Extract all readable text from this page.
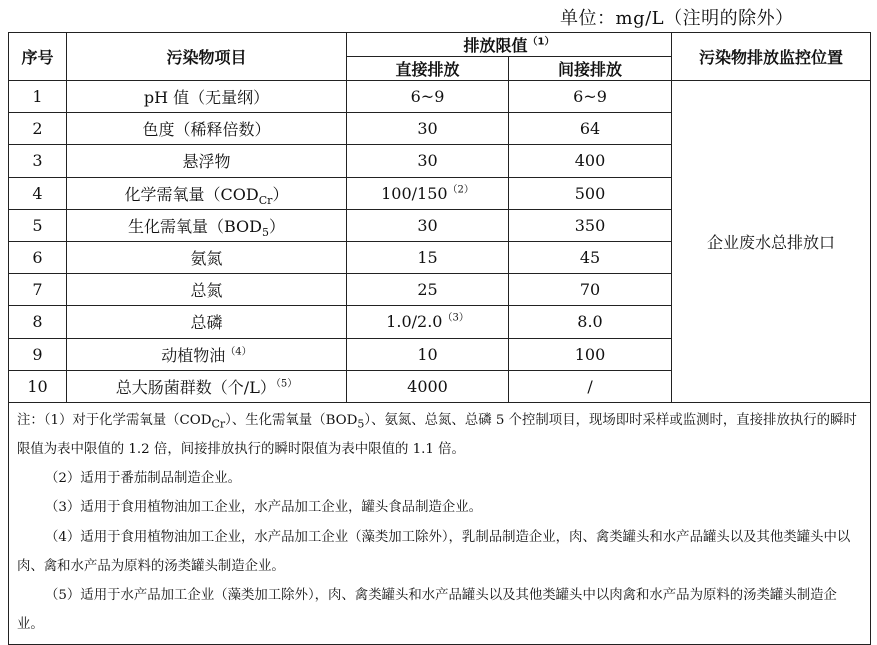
单位：mg/L（注明的除外）
序号	污染物项目	排放限值$^{(1)}$		污染物排放监控位置
		直接排放	间接排放	
1	pH 值（无量纲）	6~9	6~9	企业废水总排放口
2	色度（稀释倍数）	30	64	
3	悬浮物	30	400	
4	化学需氧量$(COD_{Cr})$	$100/150^{(2)}$	500	
5	生化需氧量$(BOD_5)$	30	350	
6	氨氮	15	45	
7	总氮	25	70	
8	总磷	$1.0/2.0^{(3)}$	8.0	
9	动植物油$^{(4)}$	10	100	
10	总大肠菌群数（个/L）$^{(5)}$	4000	/	

注：（1）对于化学需氧量$(COD_{Cr})$、生化需氧量$(BOD_5)$、氨氮、总氮、总磷 5 个控制项目，现场即时采样或监测时，直接排放执行的瞬时限值为表中限值的 1.2 倍，间接排放执行的瞬时限值为表中限值的 1.1 倍。

（2）适用于番茄制品制造企业。

（3）适用于食用植物油加工企业，水产品加工企业，罐头食品制造企业。

（4）适用于食用植物油加工企业，水产品加工企业（藻类加工除外），乳制品制造企业，肉、禽类罐头和水产品罐头以及其他类罐头中以肉、禽和水产品为原料的汤类罐头制造企业。

（5）适用于水产品加工企业（藻类加工除外），肉、禽类罐头和水产品罐头以及其他类罐头中以肉禽和水产品为原料的汤类罐头制造企业。				
